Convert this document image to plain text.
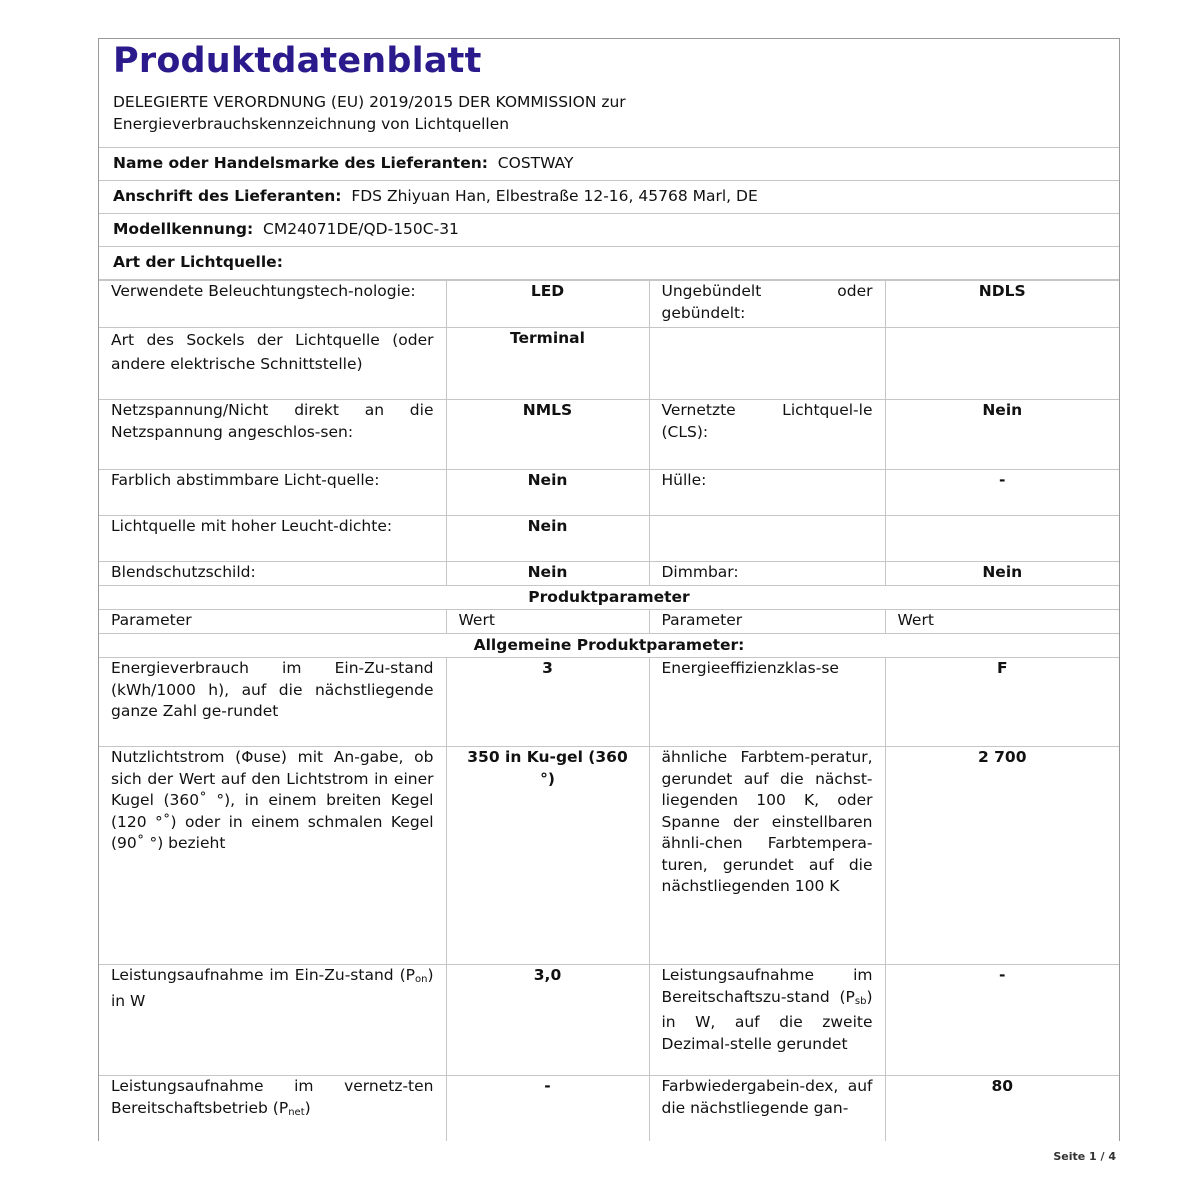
Produktdatenblatt
DELEGIERTE VERORDNUNG (EU) 2019/2015 DER KOMMISSION zur
Energieverbrauchskennzeichnung von Lichtquellen
Name oder Handelsmarke des Lieferanten: COSTWAY
Anschrift des Lieferanten: FDS Zhiyuan Han, Elbestraße 12-16, 45768 Marl, DE
Modellkennung: CM24071DE/QD-150C-31
Art der Lichtquelle:
Verwendete Beleuchtungstech-nologie:	LED	Ungebündelt oder gebündelt:	NDLS
Art des Sockels der Lichtquelle (oder andere elektrische Schnittstelle)	Terminal		
Netzspannung/Nicht direkt an die Netzspannung angeschlos-sen:	NMLS	Vernetzte Lichtquel-le (CLS):	Nein
Farblich abstimmbare Licht-quelle:	Nein	Hülle:	-
Lichtquelle mit hoher Leucht-dichte:	Nein		
Blendschutzschild:	Nein	Dimmbar:	Nein
Produktparameter			
Parameter	Wert	Parameter	Wert
Allgemeine Produktparameter:			
Energieverbrauch im Ein-Zu-stand (kWh/1000 h), auf die nächstliegende ganze Zahl ge-rundet	3	Energieeffizienzklas-se	F
Nutzlichtstrom (Φuse) mit An-gabe, ob sich der Wert auf den Lichtstrom in einer Kugel (360˚ °), in einem breiten Kegel (120 °˚) oder in einem schmalen Kegel (90˚ °) bezieht	350 in Ku-gel (360 °)	ähnliche Farbtem-peratur, gerundet auf die nächst-liegenden 100 K, oder Spanne der einstellbaren ähnli-chen Farbtempera-turen, gerundet auf die nächstliegenden 100 K	2 700
Leistungsaufnahme im Ein-Zu-stand $(P_{on})$ in W	3,0	Leistungsaufnahme im Bereitschaftszu-stand $(P_{sb})$ in W, auf die zweite Dezimal-stelle gerundet	-
Leistungsaufnahme im vernetz-ten Bereitschaftsbetrieb $(P_{net})$	-	Farbwiedergabein-dex, auf die nächstliegende gan-	80
Seite 1 / 4
